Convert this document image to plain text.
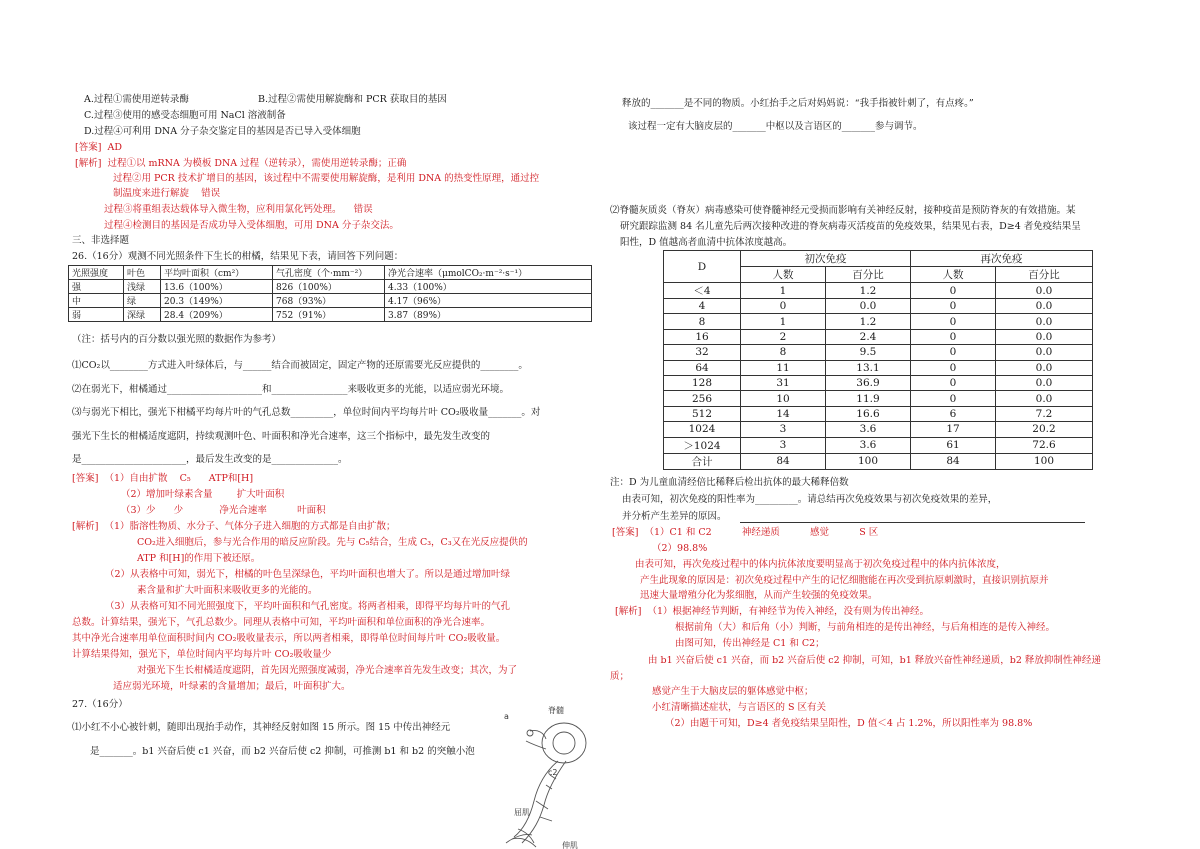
A.过程①需使用逆转录酶	B.过程②需使用解旋酶和 PCR 获取目的基因
C.过程③使用的感受态细胞可用 NaCl 溶液制备
D.过程④可利用 DNA 分子杂交鉴定目的基因是否已导入受体细胞
[答案]  AD
[解析]  过程①以 mRNA 为模板 DNA 过程（逆转录），需使用逆转录酶；正确
过程②用 PCR 技术扩增目的基因，该过程中不需要使用解旋酶，是利用 DNA 的热变性原理，通过控
制温度来进行解旋    错误
过程③将重组表达载体导入微生物，应利用氯化钙处理。    错误
过程④检测目的基因是否成功导入受体细胞，可用 DNA 分子杂交法。
三、非选择题
26.（16分）观测不同光照条件下生长的柑橘，结果见下表，请回答下列问题：
光照强度	叶色	平均叶面积（cm²）	气孔密度（个·mm⁻²）	净光合速率（μmolCO₂·m⁻²·s⁻¹）
强	浅绿	13.6（100%）	826（100%）	4.33（100%）
中	绿	20.3（149%）	768（93%）	4.17（96%）
弱	深绿	28.4（209%）	752（91%）	3.87（89%）
（注：括号内的百分数以强光照的数据作为参考）
⑴CO₂以________方式进入叶绿体后，与______结合而被固定，固定产物的还原需要光反应提供的________。
⑵在弱光下，柑橘通过____________________和________________来吸收更多的光能，以适应弱光环境。
⑶与弱光下相比，强光下柑橘平均每片叶的气孔总数_________，单位时间内平均每片叶 CO₂吸收量_______。对
强光下生长的柑橘适度遮阴，持续观测叶色、叶面积和净光合速率，这三个指标中，最先发生改变的
是______________________，最后发生改变的是______________。
[答案]  （1）自由扩散    C₅      ATP和[H]
（2）增加叶绿素含量        扩大叶面积
（3）少      少            净光合速率          叶面积
[解析]  （1）脂溶性物质、水分子、气体分子进入细胞的方式都是自由扩散；
CO₂进入细胞后，参与光合作用的暗反应阶段。先与 C₅结合，生成 C₃，C₃又在光反应提供的
ATP 和[H]的作用下被还原。
（2）从表格中可知，弱光下，柑橘的叶色呈深绿色，平均叶面积也增大了。所以是通过增加叶绿
素含量和扩大叶面积来吸收更多的光能的。
（3）从表格可知不同光照强度下，平均叶面积和气孔密度。将两者相乘，即得平均每片叶的气孔
总数。计算结果，强光下，气孔总数少。同理从表格中可知，平均叶面积和单位面积的净光合速率。
其中净光合速率用单位面积时间内 CO₂吸收量表示，所以两者相乘，即得单位时间每片叶 CO₂吸收量。
计算结果得知，强光下，单位时间内平均每片叶 CO₂吸收量少
对强光下生长柑橘适度遮阴，首先因光照强度减弱，净光合速率首先发生改变；其次，为了
适应弱光环境，叶绿素的含量增加；最后，叶面积扩大。
27.（16分）
⑴小红不小心被针刺，随即出现抬手动作，其神经反射如图 15 所示。图 15 中传出神经元
是_______。b1 兴奋后使 c1 兴奋，而 b2 兴奋后使 c2 抑制，可推测 b1 和 b2 的突触小泡
a
脊髓
c2
屈肌
伸肌
释放的_______是不同的物质。小红抬手之后对妈妈说：“我手指被针刺了，有点疼。”
该过程一定有大脑皮层的_______中枢以及言语区的_______参与调节。
⑵脊髓灰质炎（脊灰）病毒感染可使脊髓神经元受损而影响有关神经反射，接种疫苗是预防脊灰的有效措施。某
研究跟踪监测 84 名儿童先后两次接种改进的脊灰病毒灭活疫苗的免疫效果，结果见右表，D≥4 者免疫结果呈
阳性，D 值越高者血清中抗体浓度越高。
D	初次免疫		再次免疫	
	人数	百分比	人数	百分比
＜4	1	1.2	0	0.0
4	0	0.0	0	0.0
8	1	1.2	0	0.0
16	2	2.4	0	0.0
32	8	9.5	0	0.0
64	11	13.1	0	0.0
128	31	36.9	0	0.0
256	10	11.9	0	0.0
512	14	16.6	6	7.2
1024	3	3.6	17	20.2
＞1024	3	3.6	61	72.6
合计	84	100	84	100
注：D 为儿童血清经倍比稀释后检出抗体的最大稀释倍数
由表可知，初次免疫的阳性率为_________。请总结再次免疫效果与初次免疫效果的差异，
并分析产生差异的原因。
[答案]  （1）C1 和 C2          神经递质          感觉          S 区
（2）98.8%
由表可知，再次免疫过程中的体内抗体浓度要明显高于初次免疫过程中的体内抗体浓度，
产生此现象的原因是：初次免疫过程中产生的记忆细胞能在再次受到抗原刺激时，直接识别抗原并
迅速大量增殖分化为浆细胞，从而产生较强的免疫效果。
[解析]  （1）根据神经节判断，有神经节为传入神经，没有则为传出神经。
根据前角（大）和后角（小）判断，与前角相连的是传出神经，与后角相连的是传入神经。
由图可知，传出神经是 C1 和 C2；
由 b1 兴奋后使 c1 兴奋，而 b2 兴奋后使 c2 抑制，可知，b1 释放兴奋性神经递质，b2 释放抑制性神经递
质；
感觉产生于大脑皮层的躯体感觉中枢；
小红清晰描述症状，与言语区的 S 区有关
（2）由题干可知，D≥4 者免疫结果呈阳性，D 值＜4 占 1.2%，所以阳性率为 98.8%
